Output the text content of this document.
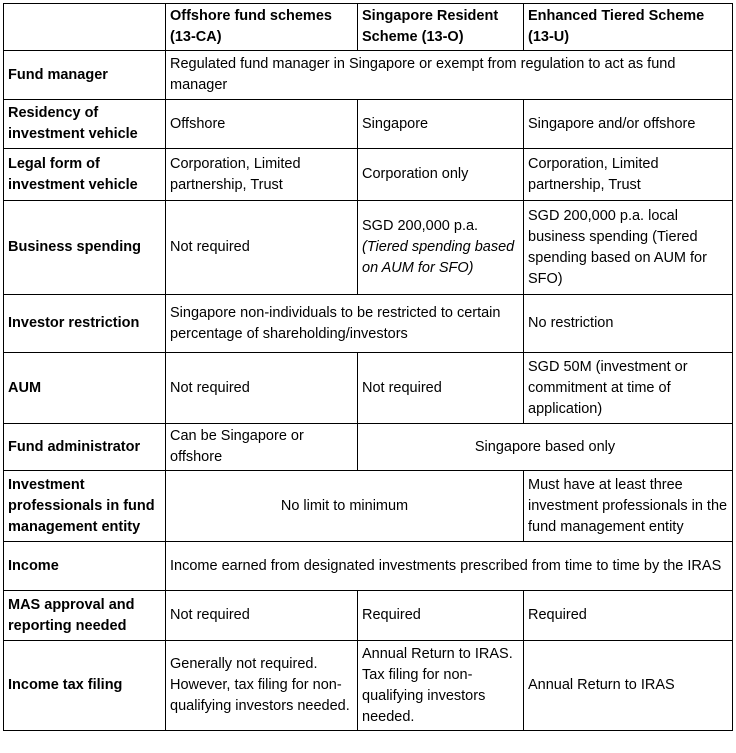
	Offshore fund schemes (13-CA)	Singapore Resident Scheme (13-O)	Enhanced Tiered Scheme (13-U)
Fund manager	Regulated fund manager in Singapore or exempt from regulation to act as fund manager		
Residency of investment vehicle	Offshore	Singapore	Singapore and/or offshore
Legal form of investment vehicle	Corporation, Limited partnership, Trust	Corporation only	Corporation, Limited partnership, Trust
Business spending	Not required	SGD 200,000 p.a. (Tiered spending based on AUM for SFO)	SGD 200,000 p.a. local business spending (Tiered spending based on AUM for SFO)
Investor restriction	Singapore non-individuals to be restricted to certain percentage of shareholding/investors		No restriction
AUM	Not required	Not required	SGD 50M (investment or commitment at time of application)
Fund administrator	Can be Singapore or offshore	Singapore based only	
Investment professionals in fund management entity	No limit to minimum		Must have at least three investment professionals in the fund management entity
Income	Income earned from designated investments prescribed from time to time by the IRAS		
MAS approval and reporting needed	Not required	Required	Required
Income tax filing	Generally not required. However, tax filing for non-qualifying investors needed.	Annual Return to IRAS. Tax filing for non-qualifying investors needed.	Annual Return to IRAS
